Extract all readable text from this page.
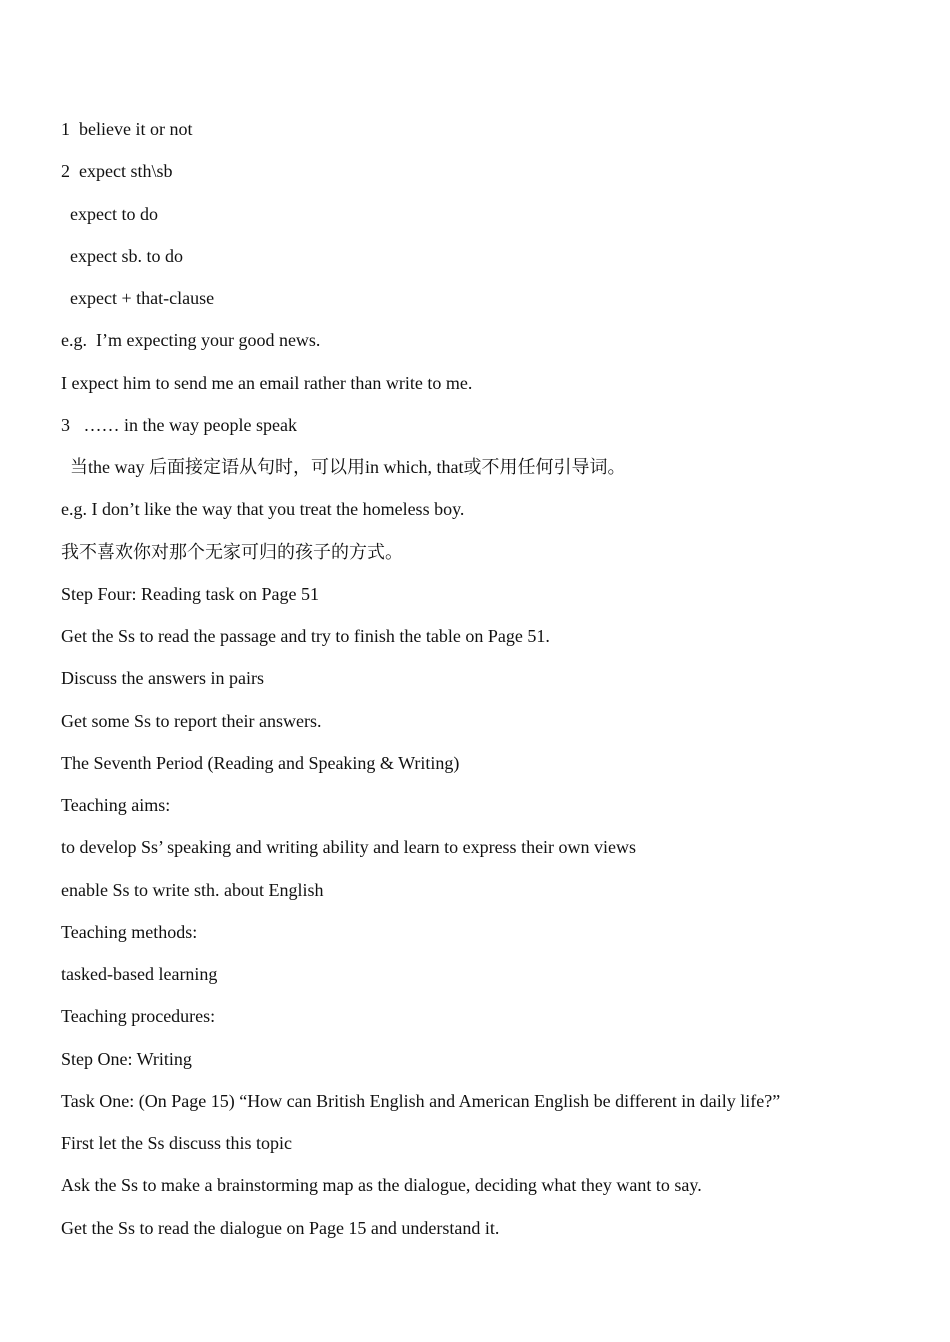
1  believe it or not
2  expect sth\sb
expect to do
expect sb. to do
expect + that-clause
e.g.  I’m expecting your good news.
I expect him to send me an email rather than write to me.
3   …… in the way people speak
当the way 后面接定语从句时，可以用in which, that或不用任何引导词。
e.g. I don’t like the way that you treat the homeless boy.
我不喜欢你对那个无家可归的孩子的方式。
Step Four: Reading task on Page 51
Get the Ss to read the passage and try to finish the table on Page 51.
Discuss the answers in pairs
Get some Ss to report their answers.
The Seventh Period (Reading and Speaking & Writing)
Teaching aims:
to develop Ss’ speaking and writing ability and learn to express their own views
enable Ss to write sth. about English
Teaching methods:
tasked-based learning
Teaching procedures:
Step One: Writing
Task One: (On Page 15) “How can British English and American English be different in daily life?”
First let the Ss discuss this topic
Ask the Ss to make a brainstorming map as the dialogue, deciding what they want to say.
Get the Ss to read the dialogue on Page 15 and understand it.
